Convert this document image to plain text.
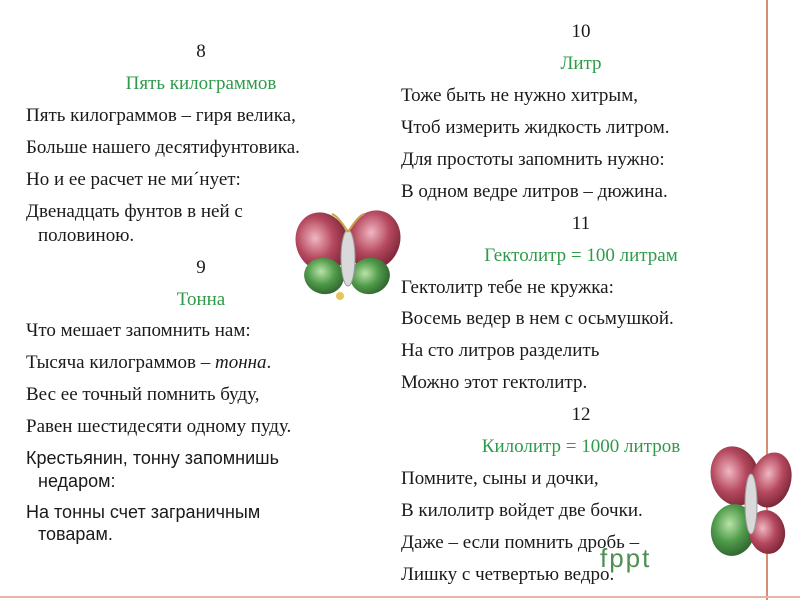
8
Пять килограммов
Пять килограммов – гиря велика,
Больше нашего десятифунтовика.
Но и ее расчет не ми´нует:
Двенадцать фунтов в ней с
половиною.
9
Тонна
Что мешает запомнить нам:
Тысяча килограммов – тонна.
Вес ее точный помнить буду,
Равен шестидесяти одному пуду.
Крестьянин, тонну запомнишь
недаром:
На тонны счет заграничным
товарам.
10
Литр
Тоже быть не нужно хитрым,
Чтоб измерить жидкость литром.
Для простоты запомнить нужно:
В одном ведре литров – дюжина.
11
Гектолитр = 100 литрам
Гектолитр тебе не кружка:
Восемь ведер в нем с осьмушкой.
На сто литров разделить
Можно этот гектолитр.
12
Килолитр = 1000 литров
Помните, сыны и дочки,
В килолитр войдет две бочки.
Даже – если помнить дробь –
Лишку с четвертью ведро.
fppt
